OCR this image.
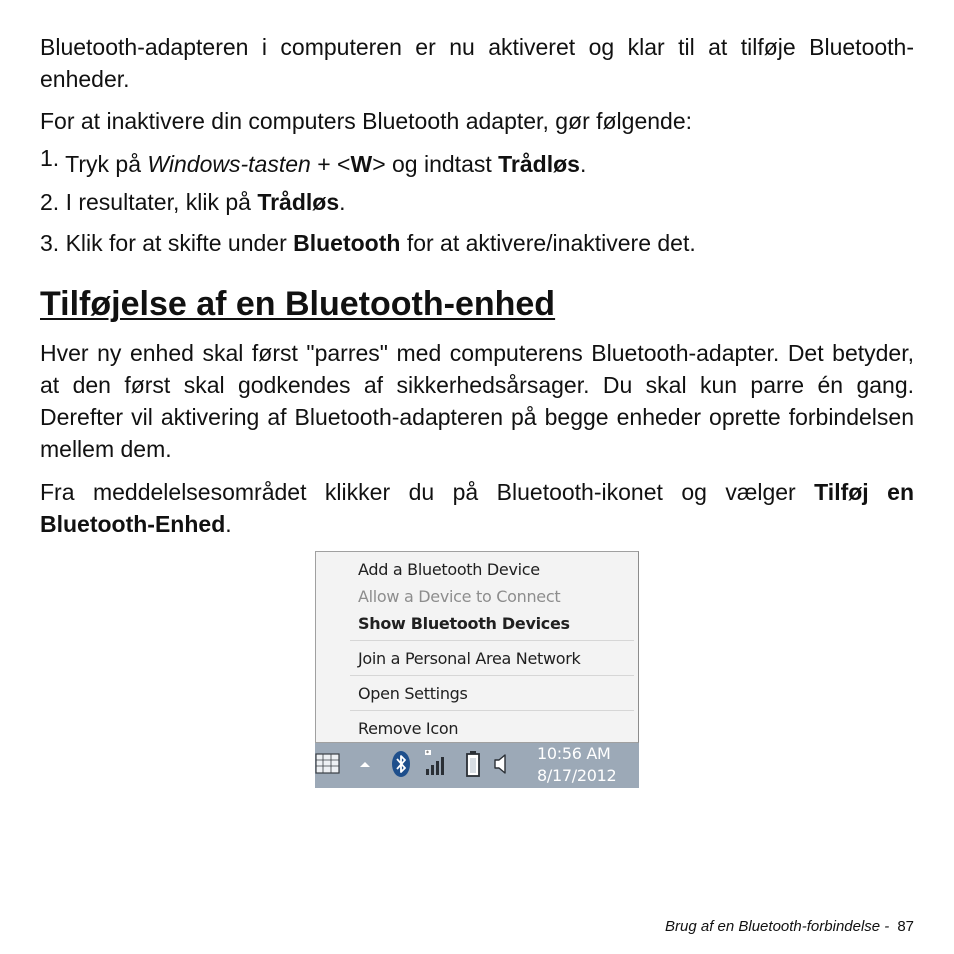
Bluetooth-adapteren i computeren er nu aktiveret og klar til at tilføje Bluetooth-enheder.

For at inaktivere din computers Bluetooth adapter, gør følgende:

1. Tryk på Windows-tasten + <W> og indtast Trådløs.

2. I resultater, klik på Trådløs.

3. Klik for at skifte under Bluetooth for at aktivere/inaktivere det.

Tilføjelse af en Bluetooth-enhed

Hver ny enhed skal først "parres" med computerens Bluetooth-adapter. Det betyder, at den først skal godkendes af sikkerhedsårsager. Du skal kun parre én gang. Derefter vil aktivering af Bluetooth-adapteren på begge enheder oprette forbindelsen mellem dem.

Fra meddelelsesområdet klikker du på Bluetooth-ikonet og vælger Tilføj en Bluetooth-Enhed.

Add a Bluetooth Device
Allow a Device to Connect
Show Bluetooth Devices
Join a Personal Area Network
Open Settings
Remove Icon
*	10:56 AM
8/17/2012
Brug af en Bluetooth-forbindelse - 87
